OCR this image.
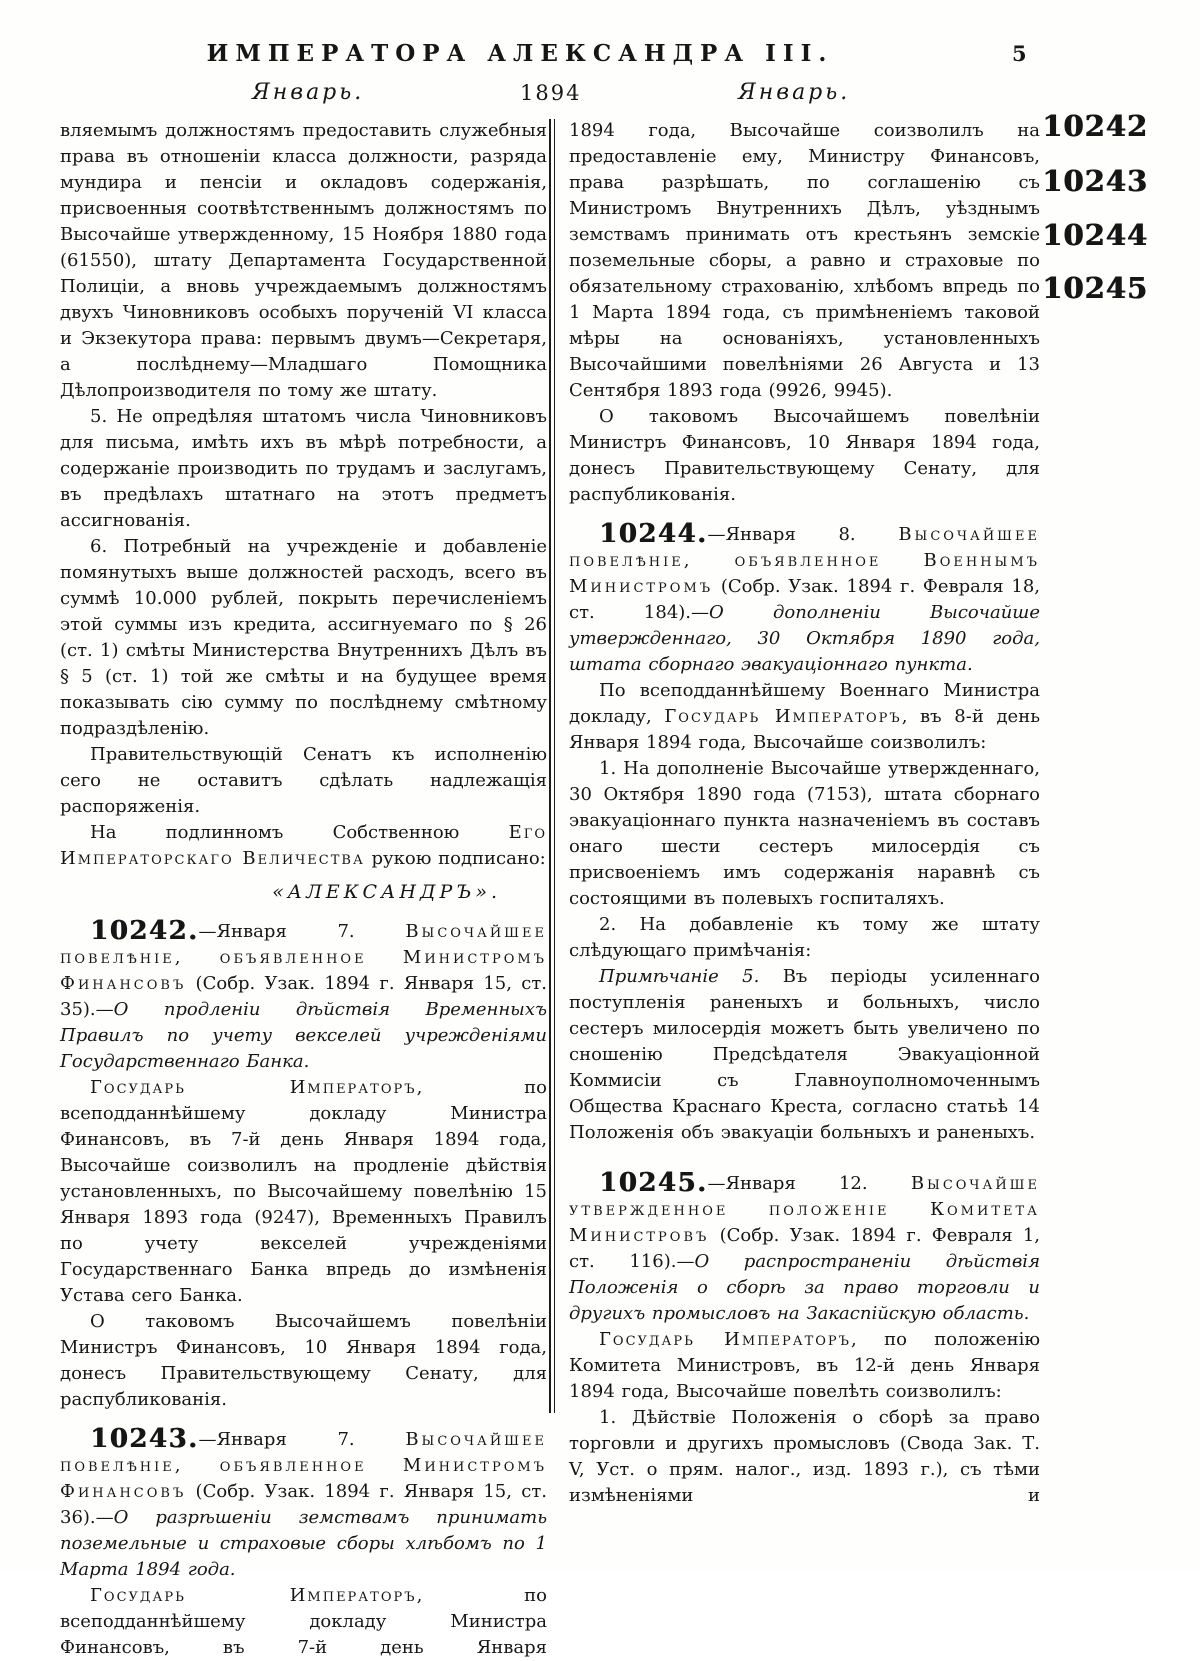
ИМПЕРАТОРА АЛЕКСАНДРА III.	5
Январь.	1894	Январь.
10242
10243
10244
10245

вляемымъ должностямъ предоставить служебныя права въ отношеніи класса должности, разряда мундира и пенсіи и окладовъ содержанія, присвоенныя соотвѣтственнымъ должностямъ по Высочайше утвержденному, 15 Ноября 1880 года (61550), штату Департамента Государственной Полиціи, а вновь учреждаемымъ должностямъ двухъ Чиновниковъ особыхъ порученій VI класса и Экзекутора права: первымъ двумъ—Секретаря, а послѣднему—Младшаго Помощника Дѣлопроизводителя по тому же штату.

5. Не опредѣляя штатомъ числа Чиновниковъ для письма, имѣть ихъ въ мѣрѣ потребности, а содержаніе производить по трудамъ и заслугамъ, въ предѣлахъ штатнаго на этотъ предметъ ассигнованія.

6. Потребный на учрежденіе и добавленіе помянутыхъ выше должностей расходъ, всего въ суммѣ 10.000 рублей, покрыть перечисленіемъ этой суммы изъ кредита, ассигнуемаго по § 26 (ст. 1) смѣты Министерства Внутреннихъ Дѣлъ въ § 5 (ст. 1) той же смѣты и на будущее время показывать сію сумму по послѣднему смѣтному подраздѣленію.

Правительствующій Сенатъ къ исполненію сего не оставитъ сдѣлать надлежащія распоряженія.

На подлинномъ Собственною Его Императорскаго Величества рукою подписано:

«АЛЕКСАНДРЪ».

10242.—Января 7. Высочайшее повелѣніе, объявленное Министромъ Финансовъ (Собр. Узак. 1894 г. Января 15, ст. 35).—О продленіи дѣйствія Временныхъ Правилъ по учету векселей учрежденіями Государственнаго Банка.

Государь Императоръ, по всеподданнѣйшему докладу Министра Финансовъ, въ 7-й день Января 1894 года, Высочайше соизволилъ на продленіе дѣйствія установленныхъ, по Высочайшему повелѣнію 15 Января 1893 года (9247), Временныхъ Правилъ по учету векселей учрежденіями Государственнаго Банка впредь до измѣненія Устава сего Банка.

О таковомъ Высочайшемъ повелѣніи Министръ Финансовъ, 10 Января 1894 года, донесъ Правительствующему Сенату, для распубликованія.

10243.—Января 7. Высочайшее повелѣніе, объявленное Министромъ Финансовъ (Собр. Узак. 1894 г. Января 15, ст. 36).—О разрѣшеніи земствамъ принимать поземельные и страховые сборы хлѣбомъ по 1 Марта 1894 года.

Государь Императоръ, по всеподданнѣйшему докладу Министра Финансовъ, въ 7-й день Января

1894 года, Высочайше соизволилъ на предоставленіе ему, Министру Финансовъ, права разрѣшать, по соглашенію съ Министромъ Внутреннихъ Дѣлъ, уѣзднымъ земствамъ принимать отъ крестьянъ земскіе поземельные сборы, а равно и страховые по обязательному страхованію, хлѣбомъ впредь по 1 Марта 1894 года, съ примѣненіемъ таковой мѣры на основаніяхъ, установленныхъ Высочайшими повелѣніями 26 Августа и 13 Сентября 1893 года (9926, 9945).

О таковомъ Высочайшемъ повелѣніи Министръ Финансовъ, 10 Января 1894 года, донесъ Правительствующему Сенату, для распубликованія.

10244.—Января 8. Высочайшее повелѣніе, объявленное Военнымъ Министромъ (Собр. Узак. 1894 г. Февраля 18, ст. 184).—О дополненіи Высочайше утвержденнаго, 30 Октября 1890 года, штата сборнаго эвакуаціоннаго пункта.

По всеподданнѣйшему Военнаго Министра докладу, Государь Императоръ, въ 8-й день Января 1894 года, Высочайше соизволилъ:

1. На дополненіе Высочайше утвержденнаго, 30 Октября 1890 года (7153), штата сборнаго эвакуаціоннаго пункта назначеніемъ въ составъ онаго шести сестеръ милосердія съ присвоеніемъ имъ содержанія наравнѣ съ состоящими въ полевыхъ госпиталяхъ.

2. На добавленіе къ тому же штату слѣдующаго примѣчанія:

Примѣчаніе 5. Въ періоды усиленнаго поступленія раненыхъ и больныхъ, число сестеръ милосердія можетъ быть увеличено по сношенію Предсѣдателя Эвакуаціонной Коммисіи съ Главноуполномоченнымъ Общества Краснаго Креста, согласно статьѣ 14 Положенія объ эвакуаціи больныхъ и раненыхъ.

10245.—Января 12. Высочайше утвержденное положеніе Комитета Министровъ (Собр. Узак. 1894 г. Февраля 1, ст. 116).—О распространеніи дѣйствія Положенія о сборѣ за право торговли и другихъ промысловъ на Закаспійскую область.

Государь Императоръ, по положенію Комитета Министровъ, въ 12-й день Января 1894 года, Высочайше повелѣть соизволилъ:

1. Дѣйствіе Положенія о сборѣ за право торговли и другихъ промысловъ (Свода Зак. Т. V, Уст. о прям. налог., изд. 1893 г.), съ тѣми измѣненіями и
